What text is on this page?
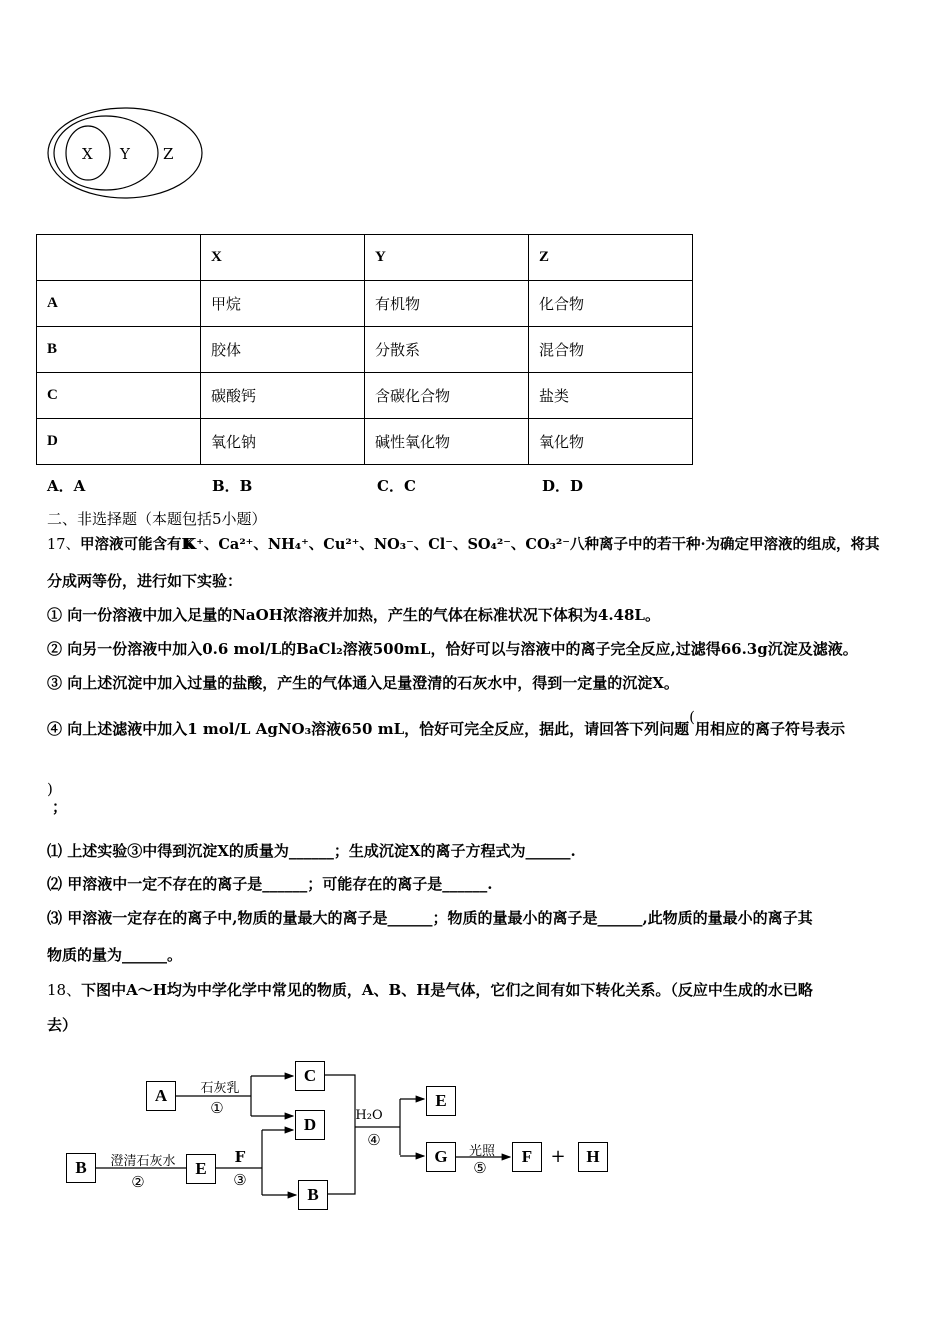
X Y Z
	X	Y	Z
A	甲烷	有机物	化合物
B	胶体	分散系	混合物
C	碳酸钙	含碳化合物	盐类
D	氧化钠	碱性氧化物	氧化物
A．A	B．B	C．C	D．D
二、非选择题（本题包括5小题）
17、甲溶液可能含有KK⁺、Ca²⁺、NH₄⁺、Cu²⁺、NO₃⁻、Cl⁻、SO₄²⁻、CO₃²⁻八种离子中的若干种·为确定甲溶液的组成，将其
分成两等份，进行如下实验：
① 向一份溶液中加入足量的NaOH浓溶液并加热，产生的气体在标准状况下体积为4.48L。
② 向另一份溶液中加入0.6 mol/L的BaCl₂溶液500mL，恰好可以与溶液中的离子完全反应,过滤得66.3g沉淀及滤液。
③ 向上述沉淀中加入过量的盐酸，产生的气体通入足量澄清的石灰水中，得到一定量的沉淀X。
④ 向上述滤液中加入1 mol/L AgNO₃溶液650 mL，恰好可完全反应，据此，请回答下列问题(用相应的离子符号表示
)
；
⑴ 上述实验③中得到沉淀X的质量为______；生成沉淀X的离子方程式为______.
⑵ 甲溶液中一定不存在的离子是______；可能存在的离子是______.
⑶ 甲溶液一定存在的离子中,物质的量最大的离子是______；物质的量最小的离子是______,此物质的量最小的离子其
物质的量为______。
18、下图中A～H均为中学化学中常见的物质，A、B、H是气体，它们之间有如下转化关系。（反应中生成的水已略
去）
A
C
D
B	E
B
E
G	F	H
石灰乳
①
澄清石灰水
②
F
③
H₂O
④
光照
⑤
+
